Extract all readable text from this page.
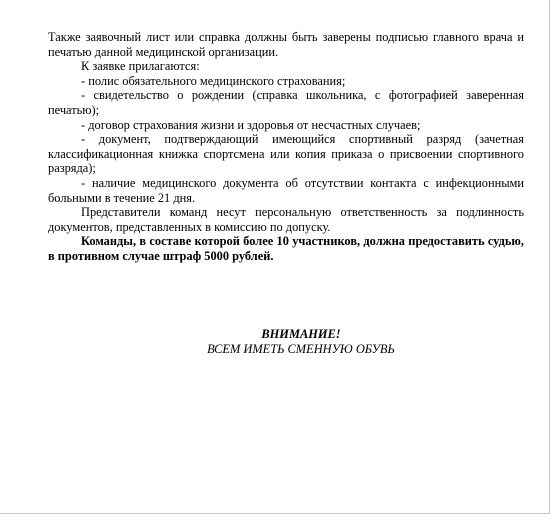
Также заявочный лист или справка должны быть заверены подписью главного врача и печатью данной медицинской организации.

К заявке прилагаются:

- полис обязательного медицинского страхования;

- свидетельство о рождении (справка школьника, с фотографией заверенная печатью);

- договор страхования жизни и здоровья от несчастных случаев;

- документ, подтверждающий имеющийся спортивный разряд (зачетная классификационная книжка спортсмена или копия приказа о присвоении спортивного разряда);

- наличие медицинского документа об отсутствии контакта с инфекционными больными в течение 21 дня.

Представители команд несут персональную ответственность за подлинность документов, представленных в комиссию по допуску.

Команды, в составе которой более 10 участников, должна предоставить судью, в противном случае штраф 5000 рублей.

ВНИМАНИЕ!
ВСЕМ ИМЕТЬ СМЕННУЮ ОБУВЬ
